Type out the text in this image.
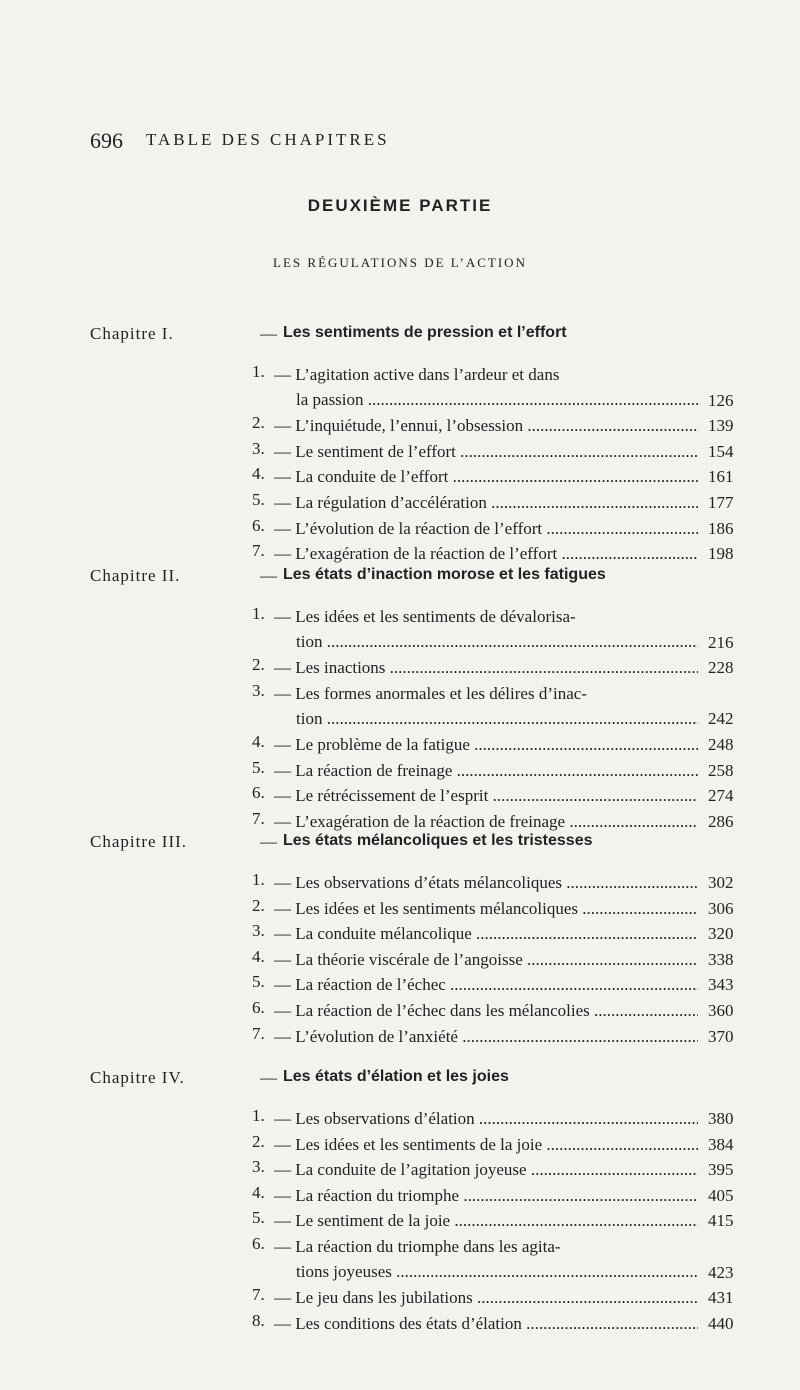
696 TABLE DES CHAPITRES
DEUXIÈME PARTIE
LES RÉGULATIONS DE L’ACTION
Chapitre I.	— Les sentiments de pression et l’effort
1. — L’agitation active dans l’ardeur et dans
la passion .....	126
2. — L’inquiétude, l’ennui, l’obsession .....	139
3. — Le sentiment de l’effort .....	154
4. — La conduite de l’effort .....	161
5. — La régulation d’accélération .....	177
6. — L’évolution de la réaction de l’effort .....	186
7. — L’exagération de la réaction de l’effort .....	198
Chapitre II.	— Les états d’inaction morose et les fatigues
1. — Les idées et les sentiments de dévalorisa-
tion .....	216
2. — Les inactions .....	228
3. — Les formes anormales et les délires d’inac-
tion .....	242
4. — Le problème de la fatigue .....	248
5. — La réaction de freinage .....	258
6. — Le rétrécissement de l’esprit .....	274
7. — L’exagération de la réaction de freinage .....	286
Chapitre III.	— Les états mélancoliques et les tristesses
1. — Les observations d’états mélancoliques .....	302
2. — Les idées et les sentiments mélancoliques .....	306
3. — La conduite mélancolique .....	320
4. — La théorie viscérale de l’angoisse .....	338
5. — La réaction de l’échec .....	343
6. — La réaction de l’échec dans les mélancolies .....	360
7. — L’évolution de l’anxiété .....	370
Chapitre IV.	— Les états d’élation et les joies
1. — Les observations d’élation .....	380
2. — Les idées et les sentiments de la joie .....	384
3. — La conduite de l’agitation joyeuse .....	395
4. — La réaction du triomphe .....	405
5. — Le sentiment de la joie .....	415
6. — La réaction du triomphe dans les agita-
tions joyeuses .....	423
7. — Le jeu dans les jubilations .....	431
8. — Les conditions des états d’élation .....	440
